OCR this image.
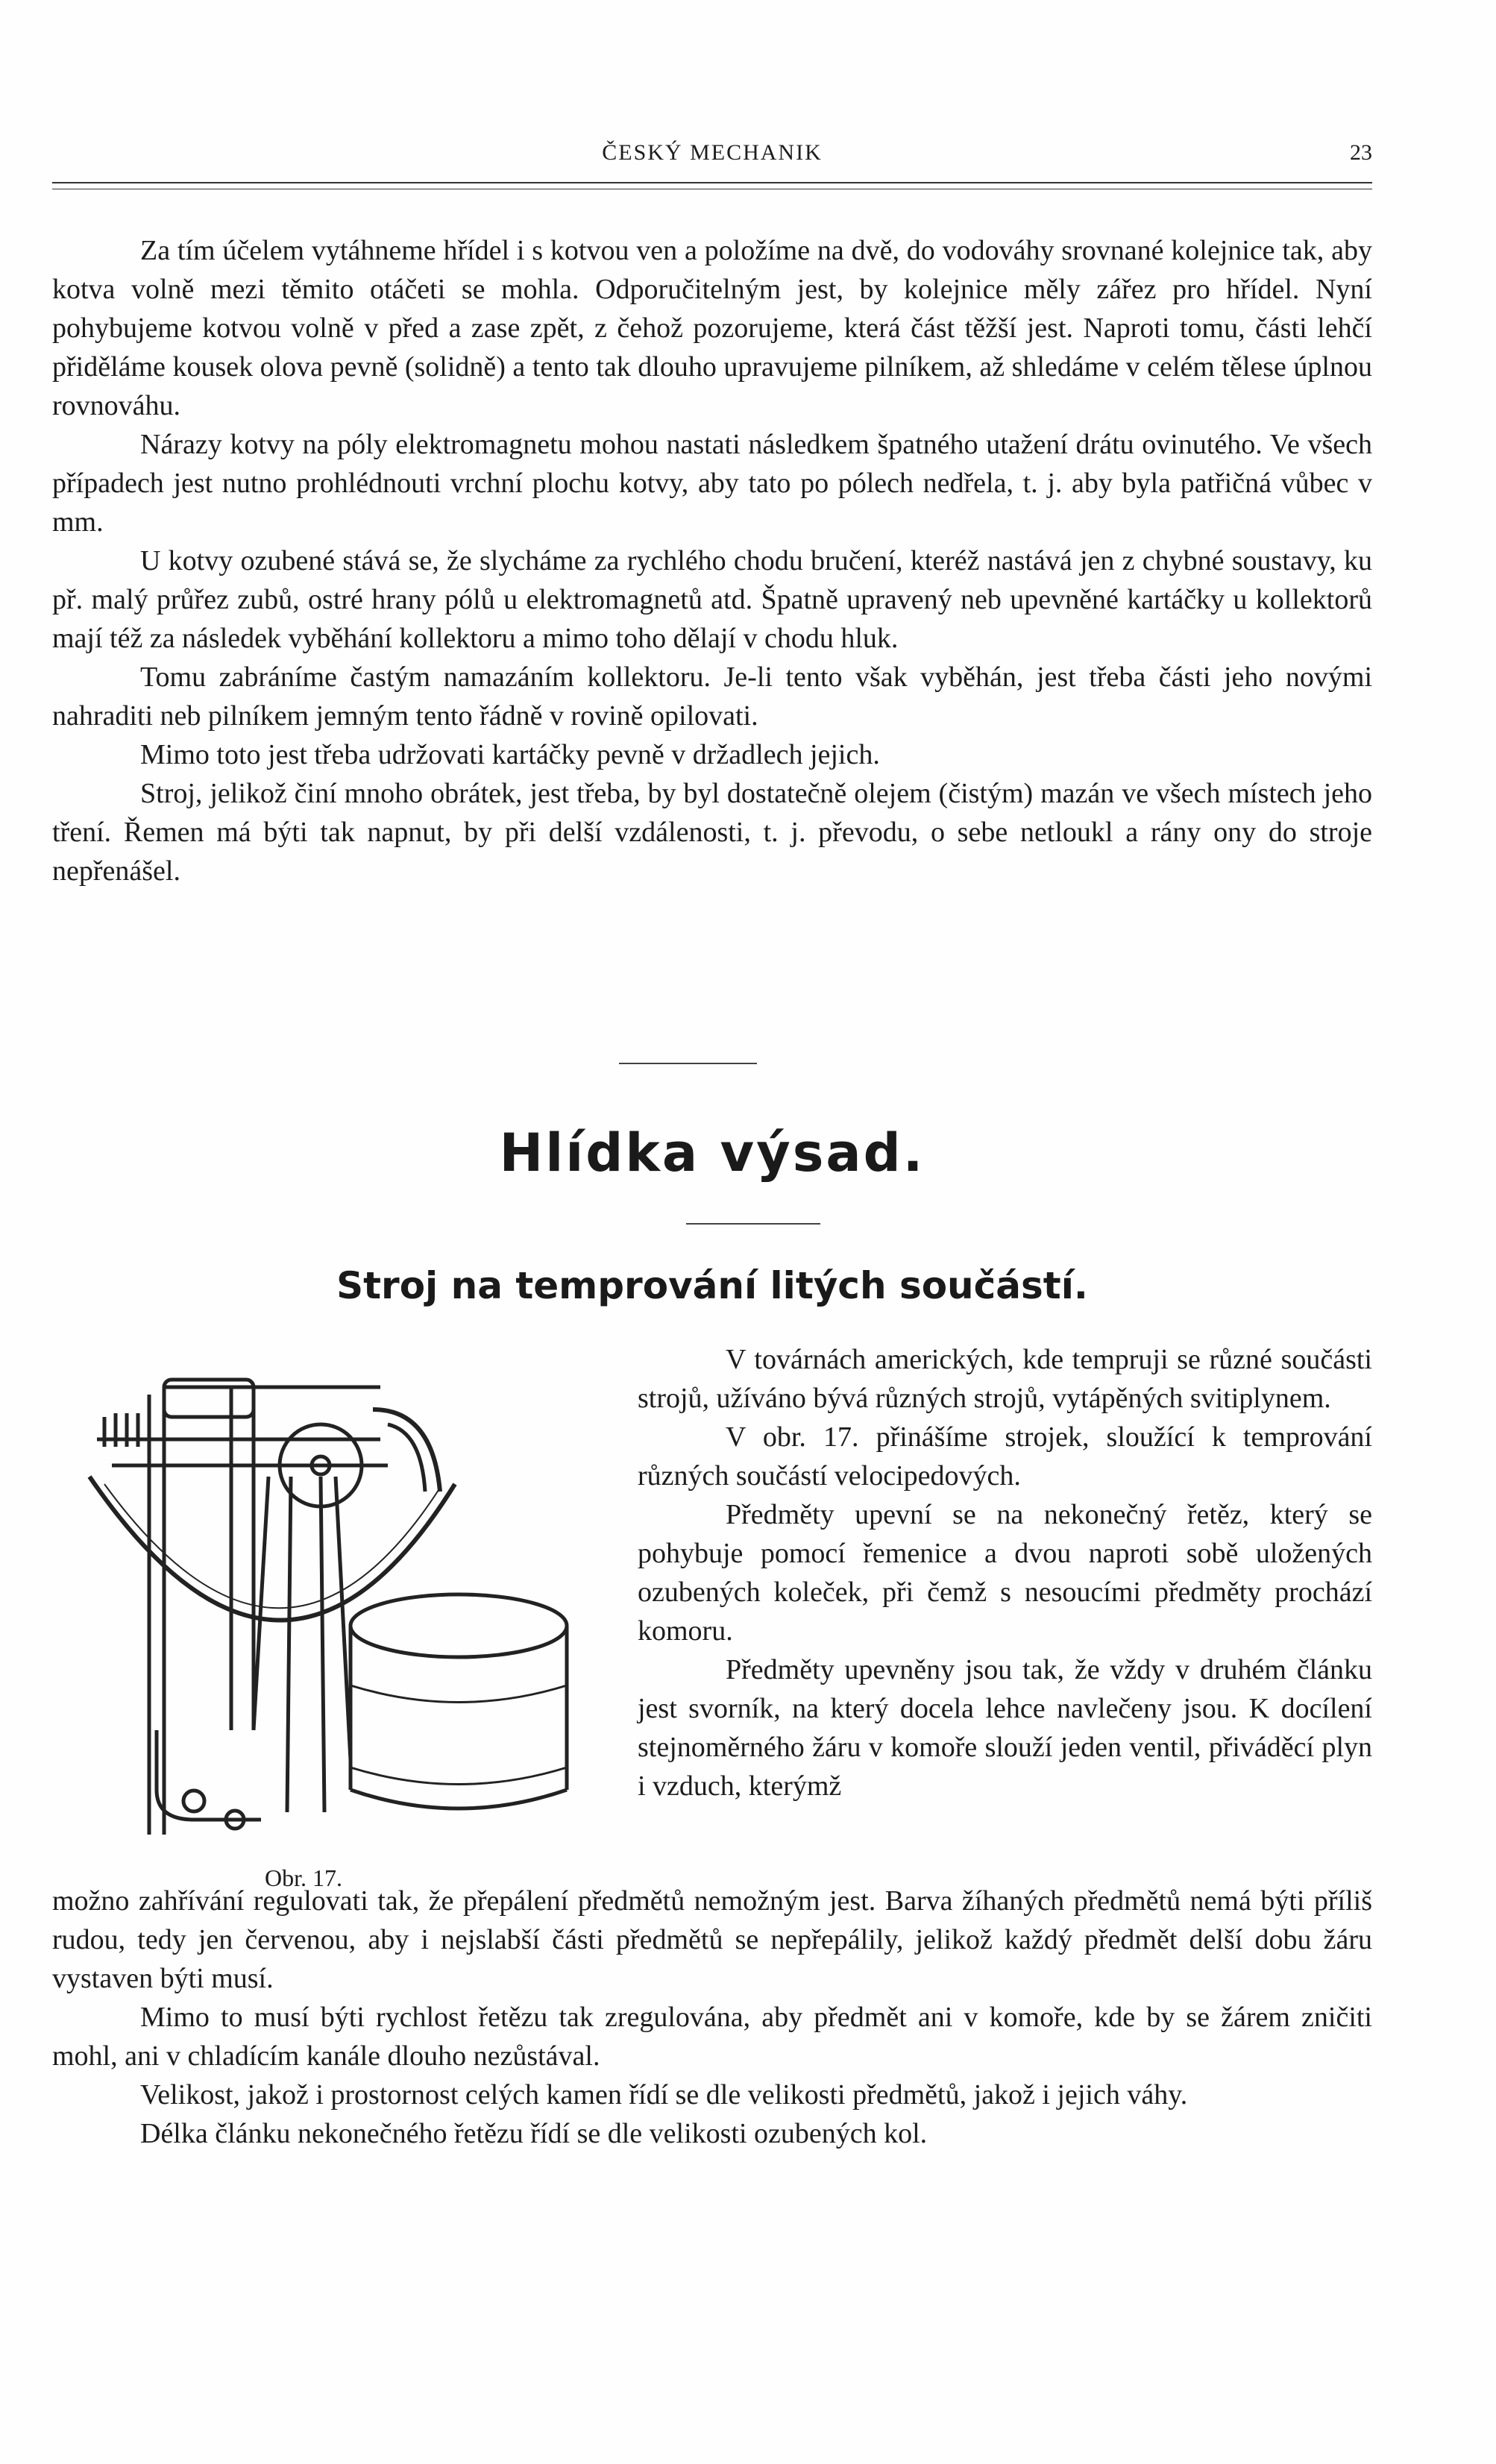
ČESKÝ MECHANIK	23

Za tím účelem vytáhneme hřídel i s kotvou ven a položíme na dvě, do vodováhy srovnané kolejnice tak, aby kotva volně mezi těmito otáčeti se mohla. Odporučitelným jest, by kolejnice měly zářez pro hřídel. Nyní pohybujeme kotvou volně v před a zase zpět, z čehož pozorujeme, která část těžší jest. Naproti tomu, části lehčí přiděláme kousek olova pevně (solidně) a tento tak dlouho upravujeme pilníkem, až shledáme v celém tělese úplnou rovnováhu.

Nárazy kotvy na póly elektromagnetu mohou nastati následkem špatného utažení drátu ovinutého. Ve všech případech jest nutno prohlédnouti vrchní plochu kotvy, aby tato po pólech nedřela, t. j. aby byla patřičná vůbec v mm.

U kotvy ozubené stává se, že slycháme za rychlého chodu bručení, kteréž nastává jen z chybné soustavy, ku př. malý průřez zubů, ostré hrany pólů u elektromagnetů atd. Špatně upravený neb upevněné kartáčky u kollektorů mají též za následek vyběhání kollektoru a mimo toho dělají v chodu hluk.

Tomu zabráníme častým namazáním kollektoru. Je-li tento však vyběhán, jest třeba části jeho novými nahraditi neb pilníkem jemným tento řádně v rovině opilovati.

Mimo toto jest třeba udržovati kartáčky pevně v držadlech jejich.

Stroj, jelikož činí mnoho obrátek, jest třeba, by byl dostatečně olejem (čistým) mazán ve všech místech jeho tření. Řemen má býti tak napnut, by při delší vzdálenosti, t. j. převodu, o sebe netloukl a rány ony do stroje nepřenášel.

Hlídka výsad.
Stroj na temprování litých součástí.

V továrnách amerických, kde tempruji se různé součásti strojů, užíváno bývá různých strojů, vytápěných svitiplynem.

V obr. 17. přinášíme strojek, sloužící k temprování různých součástí velocipedových.

Předměty upevní se na nekonečný řetěz, který se pohybuje pomocí řemenice a dvou naproti sobě uložených ozubených koleček, při čemž s nesoucími předměty prochází komoru.

Předměty upevněny jsou tak, že vždy v druhém článku jest svorník, na který docela lehce navlečeny jsou. K docílení stejnoměrného žáru v komoře slouží jeden ventil, přiváděcí plyn i vzduch, kterýmž

Obr. 17.

možno zahřívání regulovati tak, že přepálení předmětů nemožným jest. Barva žíhaných předmětů nemá býti příliš rudou, tedy jen červenou, aby i nejslabší části předmětů se nepřepálily, jelikož každý předmět delší dobu žáru vystaven býti musí.

Mimo to musí býti rychlost řetězu tak zregulována, aby předmět ani v komoře, kde by se žárem zničiti mohl, ani v chladícím kanále dlouho nezůstával.

Velikost, jakož i prostornost celých kamen řídí se dle velikosti předmětů, jakož i jejich váhy.

Délka článku nekonečného řetězu řídí se dle velikosti ozubených kol.
